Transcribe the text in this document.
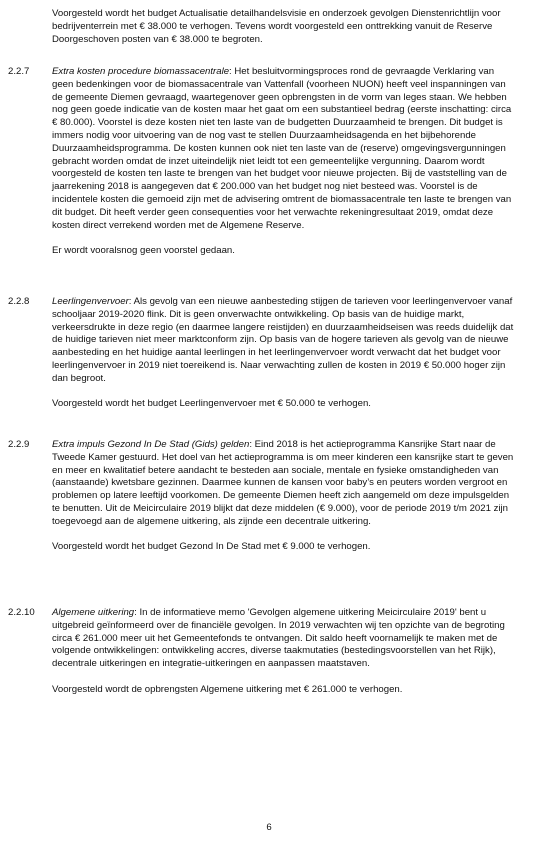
Voorgesteld wordt het budget Actualisatie detailhandelsvisie en onderzoek gevolgen Dienstenrichtlijn voor bedrijventerrein met € 38.000 te verhogen. Tevens wordt voorgesteld een onttrekking vanuit de Reserve Doorgeschoven posten van € 38.000 te begroten.

2.2.7	Extra kosten procedure biomassacentrale: Het besluitvormingsproces rond de gevraagde Verklaring van geen bedenkingen voor de biomassacentrale van Vattenfall (voorheen NUON) heeft veel inspanningen van de gemeente Diemen gevraagd, waartegenover geen opbrengsten in de vorm van leges staan. We hebben nog geen goede indicatie van de kosten maar het gaat om een substantieel bedrag (eerste inschatting: circa € 80.000). Voorstel is deze kosten niet ten laste van de budgetten Duurzaamheid te brengen. Dit budget is immers nodig voor uitvoering van de nog vast te stellen Duurzaamheidsagenda en het bijbehorende Duurzaamheidsprogramma. De kosten kunnen ook niet ten laste van de (reserve) omgevingsvergunningen gebracht worden omdat de inzet uiteindelijk niet leidt tot een gemeentelijke vergunning. Daarom wordt voorgesteld de kosten ten laste te brengen van het budget voor nieuwe projecten. Bij de vaststelling van de jaarrekening 2018 is aangegeven dat € 200.000 van het budget nog niet besteed was. Voorstel is de incidentele kosten die gemoeid zijn met de advisering omtrent de biomassacentrale ten laste te brengen van dit budget. Dit heeft verder geen consequenties voor het verwachte rekeningresultaat 2019, omdat deze kosten direct verrekend worden met de Algemene Reserve.

Er wordt vooralsnog geen voorstel gedaan.

2.2.8	Leerlingenvervoer: Als gevolg van een nieuwe aanbesteding stijgen de tarieven voor leerlingenvervoer vanaf schooljaar 2019-2020 flink. Dit is geen onverwachte ontwikkeling. Op basis van de huidige markt, verkeersdrukte in deze regio (en daarmee langere reistijden) en duurzaamheidseisen was reeds duidelijk dat de huidige tarieven niet meer marktconform zijn. Op basis van de hogere tarieven als gevolg van de nieuwe aanbesteding en het huidige aantal leerlingen in het leerlingenvervoer wordt verwacht dat het budget voor leerlingenvervoer in 2019 niet toereikend is. Naar verwachting zullen de kosten in 2019 € 50.000 hoger zijn dan begroot.

Voorgesteld wordt het budget Leerlingenvervoer met € 50.000 te verhogen.

2.2.9	Extra impuls Gezond In De Stad (Gids) gelden: Eind 2018 is het actieprogramma Kansrijke Start naar de Tweede Kamer gestuurd. Het doel van het actieprogramma is om meer kinderen een kansrijke start te geven en meer en kwalitatief betere aandacht te besteden aan sociale, mentale en fysieke omstandigheden van (aanstaande) kwetsbare gezinnen. Daarmee kunnen de kansen voor baby’s en peuters worden vergroot en problemen op latere leeftijd voorkomen. De gemeente Diemen heeft zich aangemeld om deze impulsgelden te benutten. Uit de Meicirculaire 2019 blijkt dat deze middelen (€ 9.000), voor de periode 2019 t/m 2021 zijn toegevoegd aan de algemene uitkering, als zijnde een decentrale uitkering.

Voorgesteld wordt het budget Gezond In De Stad met € 9.000 te verhogen.

2.2.10	Algemene uitkering: In de informatieve memo 'Gevolgen algemene uitkering Meicirculaire 2019' bent u uitgebreid geïnformeerd over de financiële gevolgen. In 2019 verwachten wij ten opzichte van de begroting circa € 261.000 meer uit het Gemeentefonds te ontvangen. Dit saldo heeft voornamelijk te maken met de volgende ontwikkelingen: ontwikkeling accres, diverse taakmutaties (bestedingsvoorstellen van het Rijk), decentrale uitkeringen en integratie-uitkeringen en aanpassen maatstaven.

Voorgesteld wordt de opbrengsten Algemene uitkering met € 261.000 te verhogen.

6
